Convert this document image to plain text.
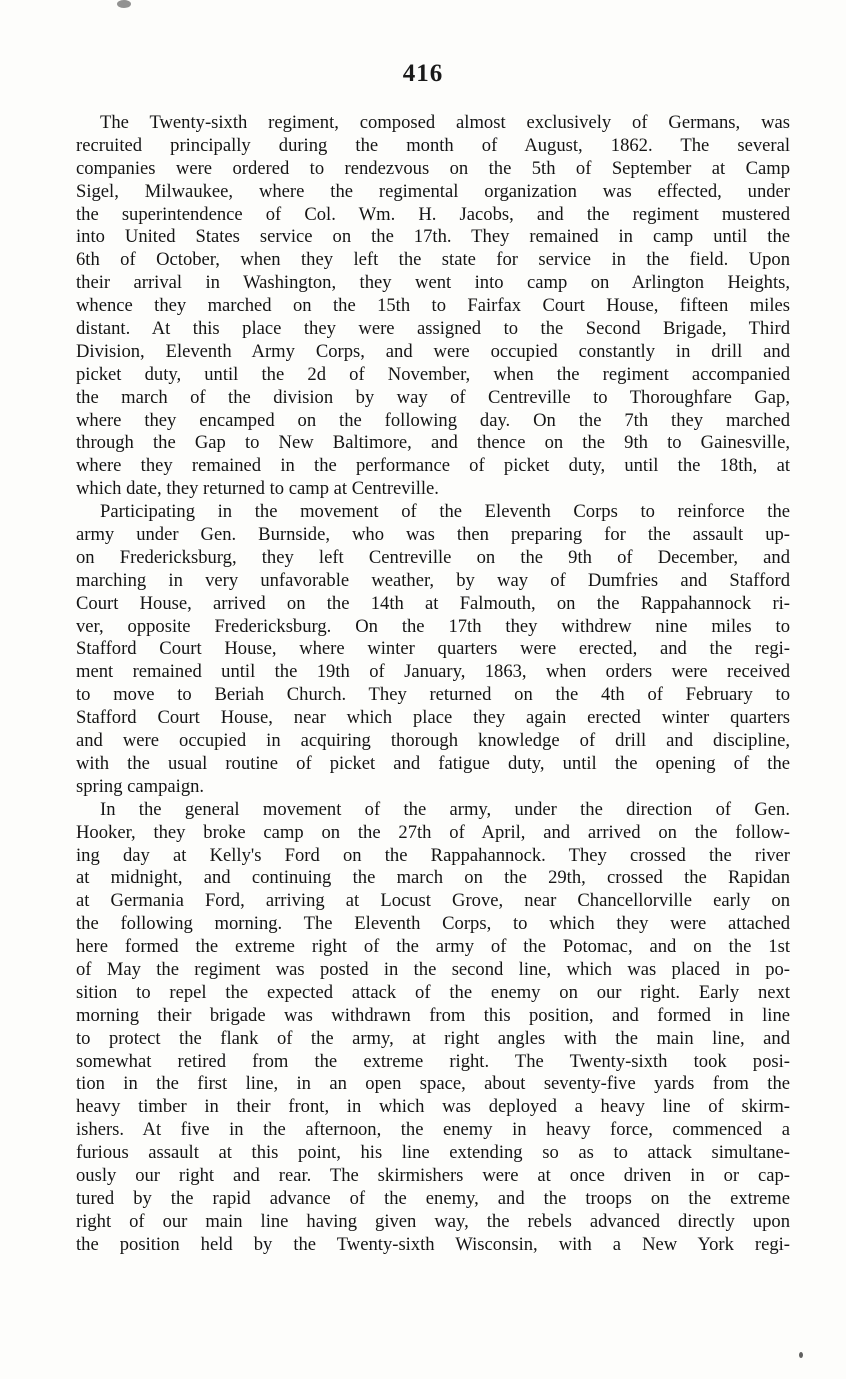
416
The Twenty-sixth regiment, composed almost exclusively of Germans, was
recruited principally during the month of August, 1862. The several
companies were ordered to rendezvous on the 5th of September at Camp
Sigel, Milwaukee, where the regimental organization was effected, under
the superintendence of Col. Wm. H. Jacobs, and the regiment mustered
into United States service on the 17th. They remained in camp until the
6th of October, when they left the state for service in the field. Upon
their arrival in Washington, they went into camp on Arlington Heights,
whence they marched on the 15th to Fairfax Court House, fifteen miles
distant. At this place they were assigned to the Second Brigade, Third
Division, Eleventh Army Corps, and were occupied constantly in drill and
picket duty, until the 2d of November, when the regiment accompanied
the march of the division by way of Centreville to Thoroughfare Gap,
where they encamped on the following day. On the 7th they marched
through the Gap to New Baltimore, and thence on the 9th to Gainesville,
where they remained in the performance of picket duty, until the 18th, at
which date, they returned to camp at Centreville.
Participating in the movement of the Eleventh Corps to reinforce the
army under Gen. Burnside, who was then preparing for the assault up-
on Fredericksburg, they left Centreville on the 9th of December, and
marching in very unfavorable weather, by way of Dumfries and Stafford
Court House, arrived on the 14th at Falmouth, on the Rappahannock ri-
ver, opposite Fredericksburg. On the 17th they withdrew nine miles to
Stafford Court House, where winter quarters were erected, and the regi-
ment remained until the 19th of January, 1863, when orders were received
to move to Beriah Church. They returned on the 4th of February to
Stafford Court House, near which place they again erected winter quarters
and were occupied in acquiring thorough knowledge of drill and discipline,
with the usual routine of picket and fatigue duty, until the opening of the
spring campaign.
In the general movement of the army, under the direction of Gen.
Hooker, they broke camp on the 27th of April, and arrived on the follow-
ing day at Kelly's Ford on the Rappahannock. They crossed the river
at midnight, and continuing the march on the 29th, crossed the Rapidan
at Germania Ford, arriving at Locust Grove, near Chancellorville early on
the following morning. The Eleventh Corps, to which they were attached
here formed the extreme right of the army of the Potomac, and on the 1st
of May the regiment was posted in the second line, which was placed in po-
sition to repel the expected attack of the enemy on our right. Early next
morning their brigade was withdrawn from this position, and formed in line
to protect the flank of the army, at right angles with the main line, and
somewhat retired from the extreme right. The Twenty-sixth took posi-
tion in the first line, in an open space, about seventy-five yards from the
heavy timber in their front, in which was deployed a heavy line of skirm-
ishers. At five in the afternoon, the enemy in heavy force, commenced a
furious assault at this point, his line extending so as to attack simultane-
ously our right and rear. The skirmishers were at once driven in or cap-
tured by the rapid advance of the enemy, and the troops on the extreme
right of our main line having given way, the rebels advanced directly upon
the position held by the Twenty-sixth Wisconsin, with a New York regi-
